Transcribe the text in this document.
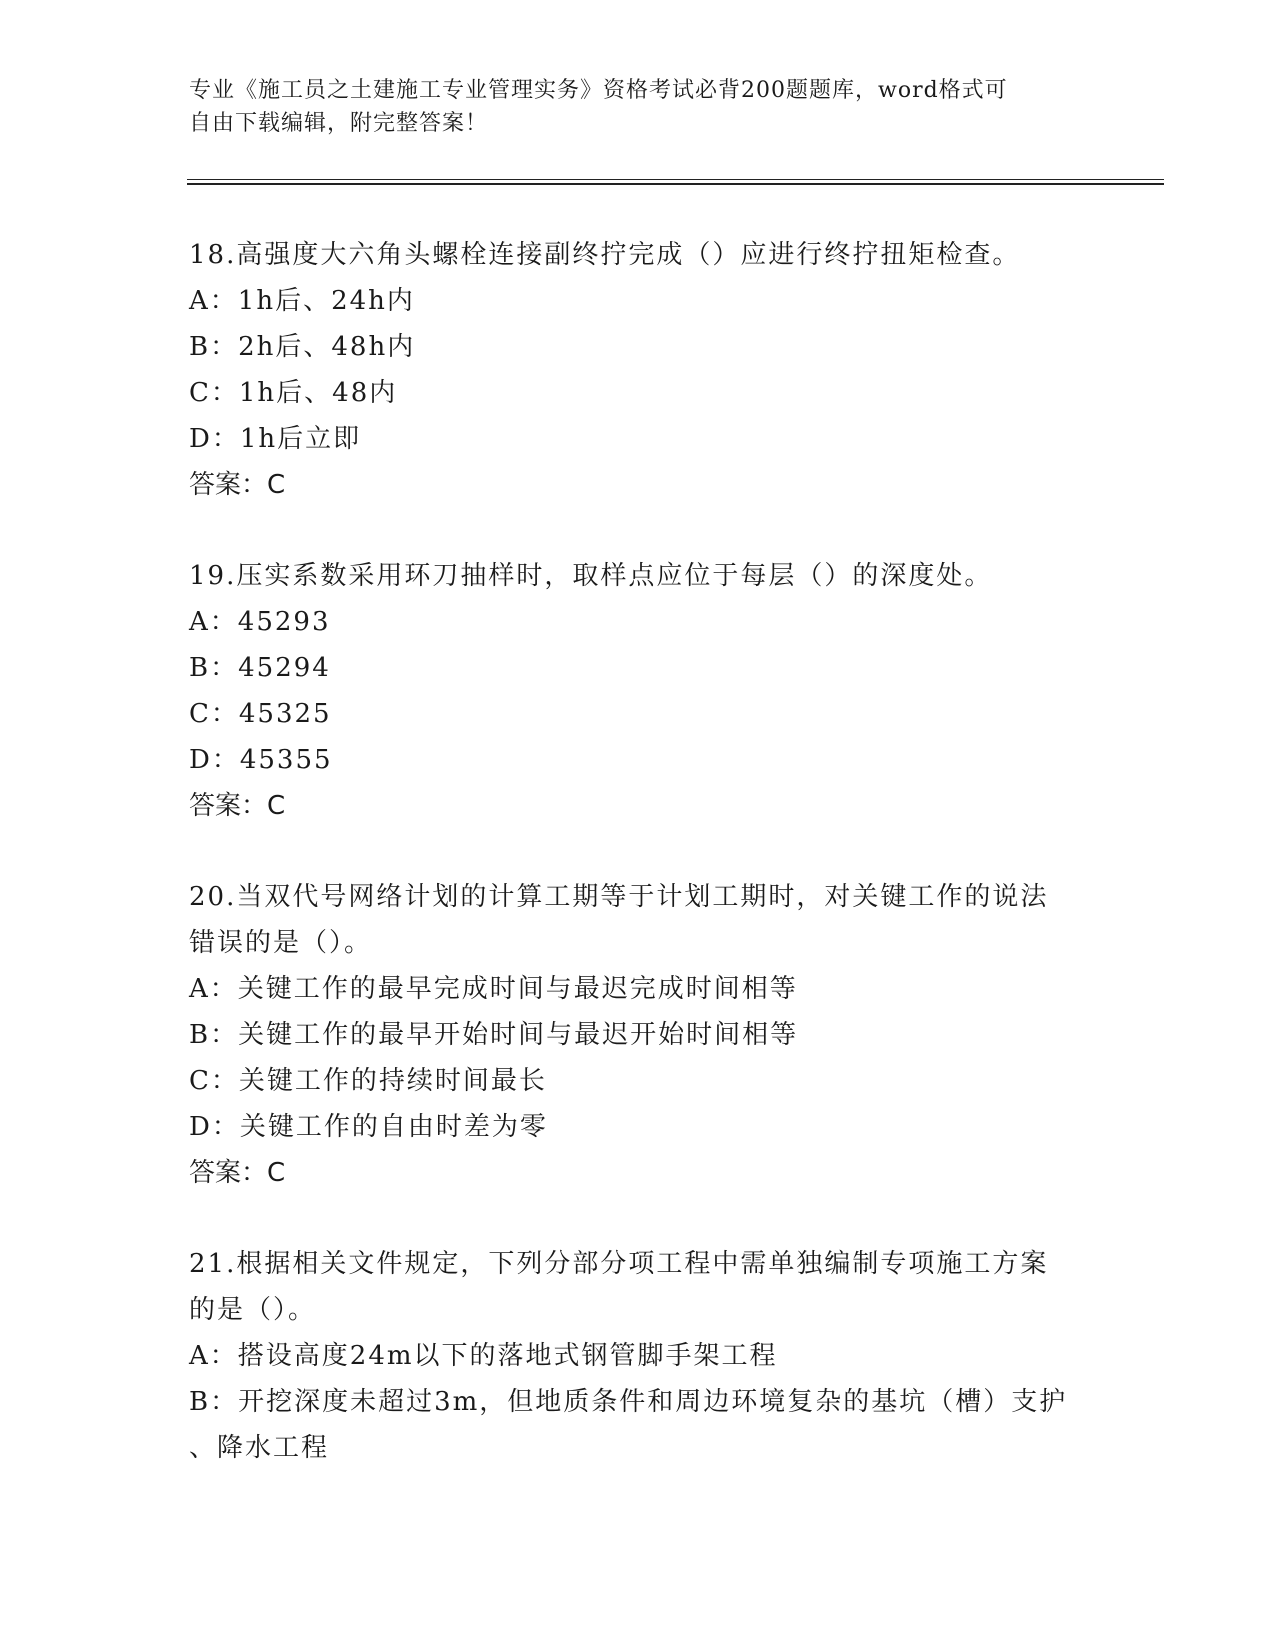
专业《施工员之土建施工专业管理实务》资格考试必背200题题库，word格式可
自由下载编辑，附完整答案！
18.高强度大六角头螺栓连接副终拧完成（）应进行终拧扭矩检查。
A：1h后、24h内
B：2h后、48h内
C：1h后、48内
D：1h后立即
答案：C
19.压实系数采用环刀抽样时，取样点应位于每层（）的深度处。
A：45293
B：45294
C：45325
D：45355
答案：C
20.当双代号网络计划的计算工期等于计划工期时，对关键工作的说法
错误的是（）。
A：关键工作的最早完成时间与最迟完成时间相等
B：关键工作的最早开始时间与最迟开始时间相等
C：关键工作的持续时间最长
D：关键工作的自由时差为零
答案：C
21.根据相关文件规定，下列分部分项工程中需单独编制专项施工方案
的是（）。
A：搭设高度24m以下的落地式钢管脚手架工程
B：开挖深度未超过3m，但地质条件和周边环境复杂的基坑（槽）支护
、降水工程
